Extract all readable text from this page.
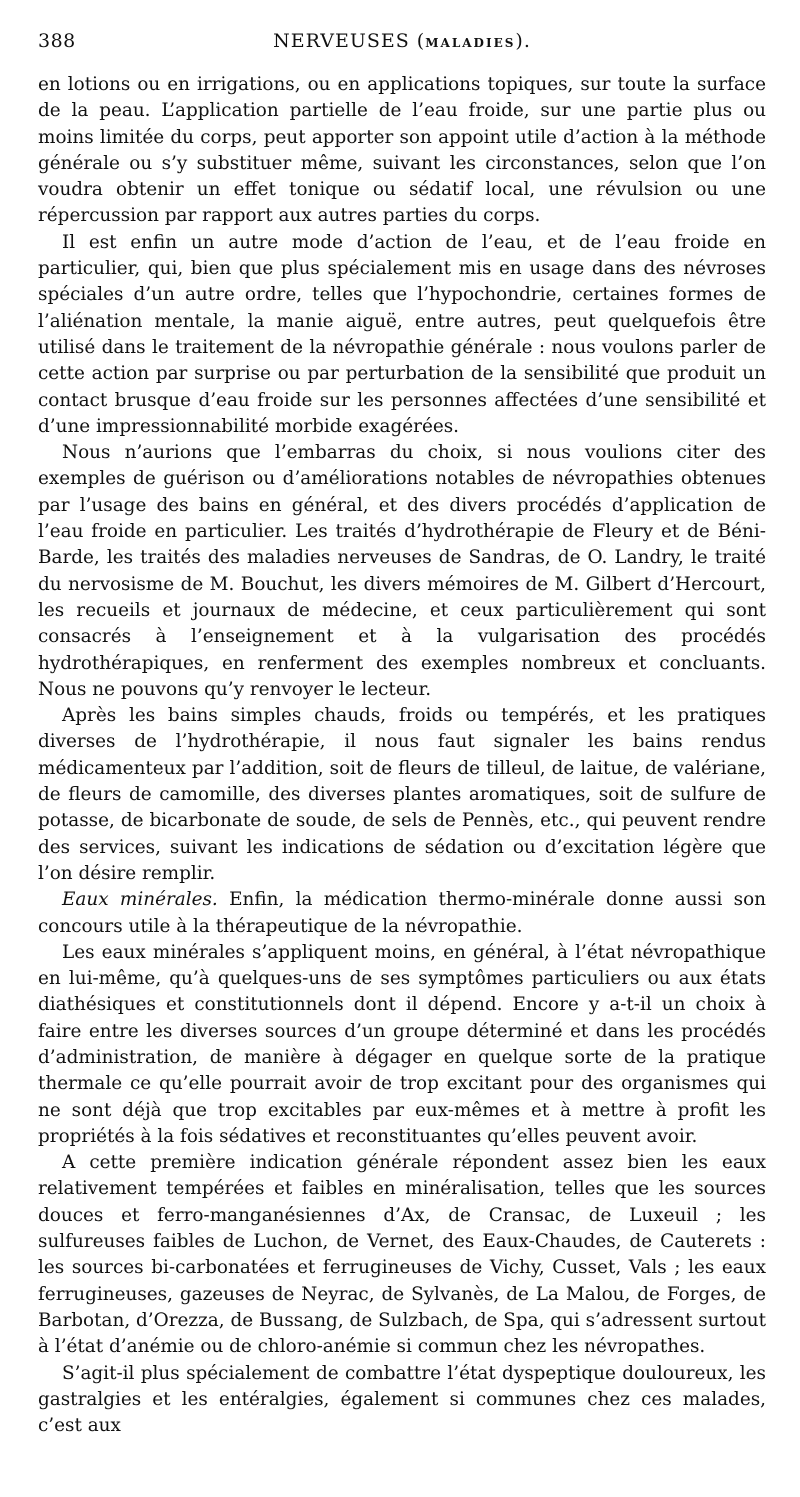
388	NERVEUSES (MALADIES).

en lotions ou en irrigations, ou en applications topiques, sur toute la surface de la peau. L’application partielle de l’eau froide, sur une partie plus ou moins limitée du corps, peut apporter son appoint utile d’action à la méthode générale ou s’y substituer même, suivant les circonstances, selon que l’on voudra obtenir un effet tonique ou sédatif local, une révulsion ou une répercussion par rapport aux autres parties du corps.

Il est enfin un autre mode d’action de l’eau, et de l’eau froide en particulier, qui, bien que plus spécialement mis en usage dans des névroses spéciales d’un autre ordre, telles que l’hypochondrie, certaines formes de l’aliénation mentale, la manie aiguë, entre autres, peut quelquefois être utilisé dans le traitement de la névropathie générale : nous voulons parler de cette action par surprise ou par perturbation de la sensibilité que produit un contact brusque d’eau froide sur les personnes affectées d’une sensibilité et d’une impressionnabilité morbide exagérées.

Nous n’aurions que l’embarras du choix, si nous voulions citer des exemples de guérison ou d’améliorations notables de névropathies obtenues par l’usage des bains en général, et des divers procédés d’application de l’eau froide en particulier. Les traités d’hydrothérapie de Fleury et de Béni-Barde, les traités des maladies nerveuses de Sandras, de O. Landry, le traité du nervosisme de M. Bouchut, les divers mémoires de M. Gilbert d’Hercourt, les recueils et journaux de médecine, et ceux particulièrement qui sont consacrés à l’enseignement et à la vulgarisation des procédés hydrothérapiques, en renferment des exemples nombreux et concluants. Nous ne pouvons qu’y renvoyer le lecteur.

Après les bains simples chauds, froids ou tempérés, et les pratiques diverses de l’hydrothérapie, il nous faut signaler les bains rendus médicamenteux par l’addition, soit de fleurs de tilleul, de laitue, de valériane, de fleurs de camomille, des diverses plantes aromatiques, soit de sulfure de potasse, de bicarbonate de soude, de sels de Pennès, etc., qui peuvent rendre des services, suivant les indications de sédation ou d’excitation légère que l’on désire remplir.

Eaux minérales. Enfin, la médication thermo-minérale donne aussi son concours utile à la thérapeutique de la névropathie.

Les eaux minérales s’appliquent moins, en général, à l’état névropathique en lui-même, qu’à quelques-uns de ses symptômes particuliers ou aux états diathésiques et constitutionnels dont il dépend. Encore y a-t-il un choix à faire entre les diverses sources d’un groupe déterminé et dans les procédés d’administration, de manière à dégager en quelque sorte de la pratique thermale ce qu’elle pourrait avoir de trop excitant pour des organismes qui ne sont déjà que trop excitables par eux-mêmes et à mettre à profit les propriétés à la fois sédatives et reconstituantes qu’elles peuvent avoir.

A cette première indication générale répondent assez bien les eaux relativement tempérées et faibles en minéralisation, telles que les sources douces et ferro-manganésiennes d’Ax, de Cransac, de Luxeuil ; les sulfureuses faibles de Luchon, de Vernet, des Eaux-Chaudes, de Cauterets : les sources bi-carbonatées et ferrugineuses de Vichy, Cusset, Vals ; les eaux ferrugineuses, gazeuses de Neyrac, de Sylvanès, de La Malou, de Forges, de Barbotan, d’Orezza, de Bussang, de Sulzbach, de Spa, qui s’adressent surtout à l’état d’anémie ou de chloro-anémie si commun chez les névropathes.

S’agit-il plus spécialement de combattre l’état dyspeptique douloureux, les gastralgies et les entéralgies, également si communes chez ces malades, c’est aux
